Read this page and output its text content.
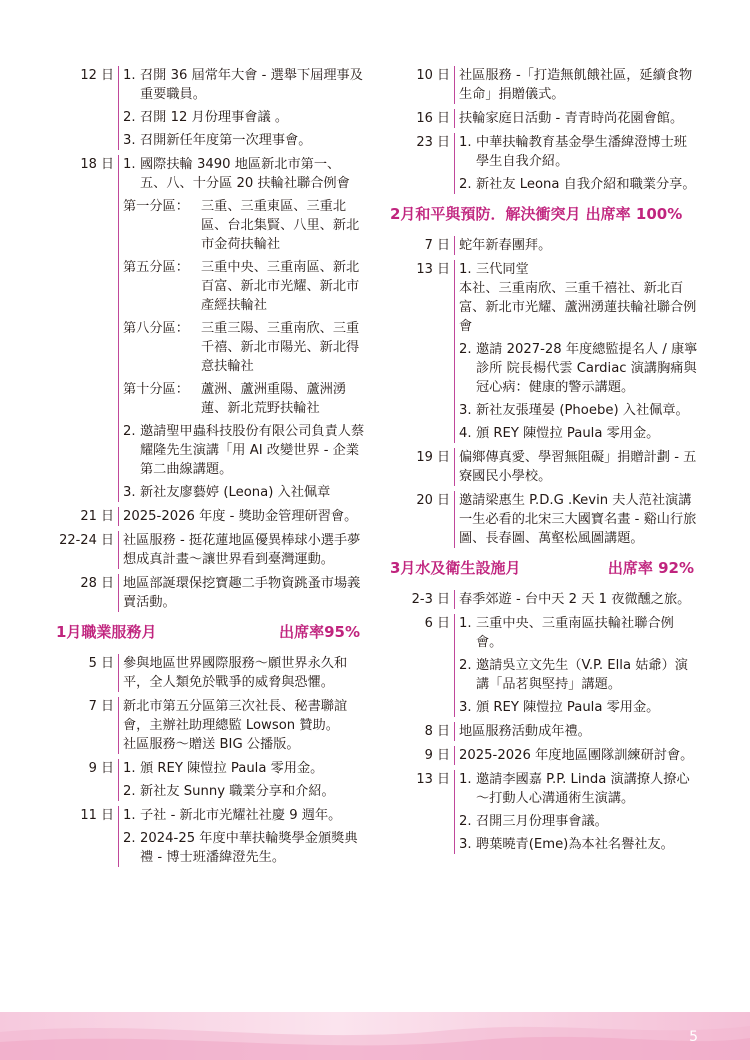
12 日 1. 召開 36 屆常年大會 - 選舉下屆理事及重要職員。
2. 召開 12 月份理事會議 。
3. 召開新任年度第一次理事會。
18 日 1. 國際扶輪 3490 地區新北市第一、五、八、十分區 20 扶輪社聯合例會
第一分區： 三重、三重東區、三重北區、台北集賢、八里、新北市金荷扶輪社
第五分區： 三重中央、三重南區、新北百富、新北市光耀、新北市產經扶輪社
第八分區： 三重三陽、三重南欣、三重千禧、新北市陽光、新北得意扶輪社
第十分區： 蘆洲、蘆洲重陽、蘆洲湧蓮、新北荒野扶輪社
2. 邀請聖甲蟲科技股份有限公司負責人蔡耀隆先生演講「用 AI 改變世界 - 企業第二曲線講題。
3. 新社友廖藝婷 (Leona) 入社佩章
21 日 2025-2026 年度 - 獎助金管理研習會。

22-24 日 社區服務 - 挺花蓮地區優異棒球小選手夢想成真計畫～讓世界看到臺灣運動。

28 日 地區部誕環保挖寶趣二手物資跳蚤市場義賣活動。

1月職業服務月	出席率95%
5 日 參與地區世界國際服務～願世界永久和平，全人類免於戰爭的威脅與恐懼。

7 日 新北市第五分區第三次社長、秘書聯誼會，主辦社助理總監 Lowson 贊助。

社區服務～贈送 BIG 公播版。

9 日 1. 頒 REY 陳愷拉 Paula 零用金。
2. 新社友 Sunny 職業分享和介紹。
11 日 1. 子社 - 新北市光耀社社慶 9 週年。
2. 2024-25 年度中華扶輪獎學金頒獎典禮 - 博士班潘緯澄先生。
10 日 社區服務 -「打造無飢餓社區，延續食物生命」捐贈儀式。

16 日 扶輪家庭日活動 - 青青時尚花園會館。

23 日 1. 中華扶輪教育基金學生潘緯澄博士班學生自我介紹。
2. 新社友 Leona 自我介紹和職業分享。
2月和平與預防．解決衝突月 出席率 100%
7 日 蛇年新春團拜。

13 日 1. 三代同堂

本社、三重南欣、三重千禧社、新北百富、新北市光耀、蘆洲湧蓮扶輪社聯合例會

2. 邀請 2027-28 年度總監提名人 / 康寧診所 院長楊代雲 Cardiac 演講胸痛與冠心病：健康的警示講題。
3. 新社友張瑾晏 (Phoebe) 入社佩章。
4. 頒 REY 陳愷拉 Paula 零用金。
19 日 偏鄉傳真愛、學習無阻礙」捐贈計劃 - 五寮國民小學校。

20 日 邀請梁惠生 P.D.G .Kevin 夫人范社演講一生必看的北宋三大國寶名畫 - 谿山行旅圖、長春圖、萬壑松風圖講題。

3月水及衛生設施月	出席率 92%
2-3 日 春季郊遊 - 台中天 2 天 1 夜微醺之旅。

6 日 1. 三重中央、三重南區扶輪社聯合例會。
2. 邀請吳立文先生（V.P. Ella 姑爺）演講「品茗與堅持」講題。
3. 頒 REY 陳愷拉 Paula 零用金。
8 日 地區服務活動成年禮。

9 日 2025-2026 年度地區團隊訓練研討會。

13 日 1. 邀請李國嘉 P.P. Linda 演講撩人撩心～打動人心溝通術生演講。
2. 召開三月份理事會議。
3. 聘葉曉青(Eme)為本社名譽社友。
5
